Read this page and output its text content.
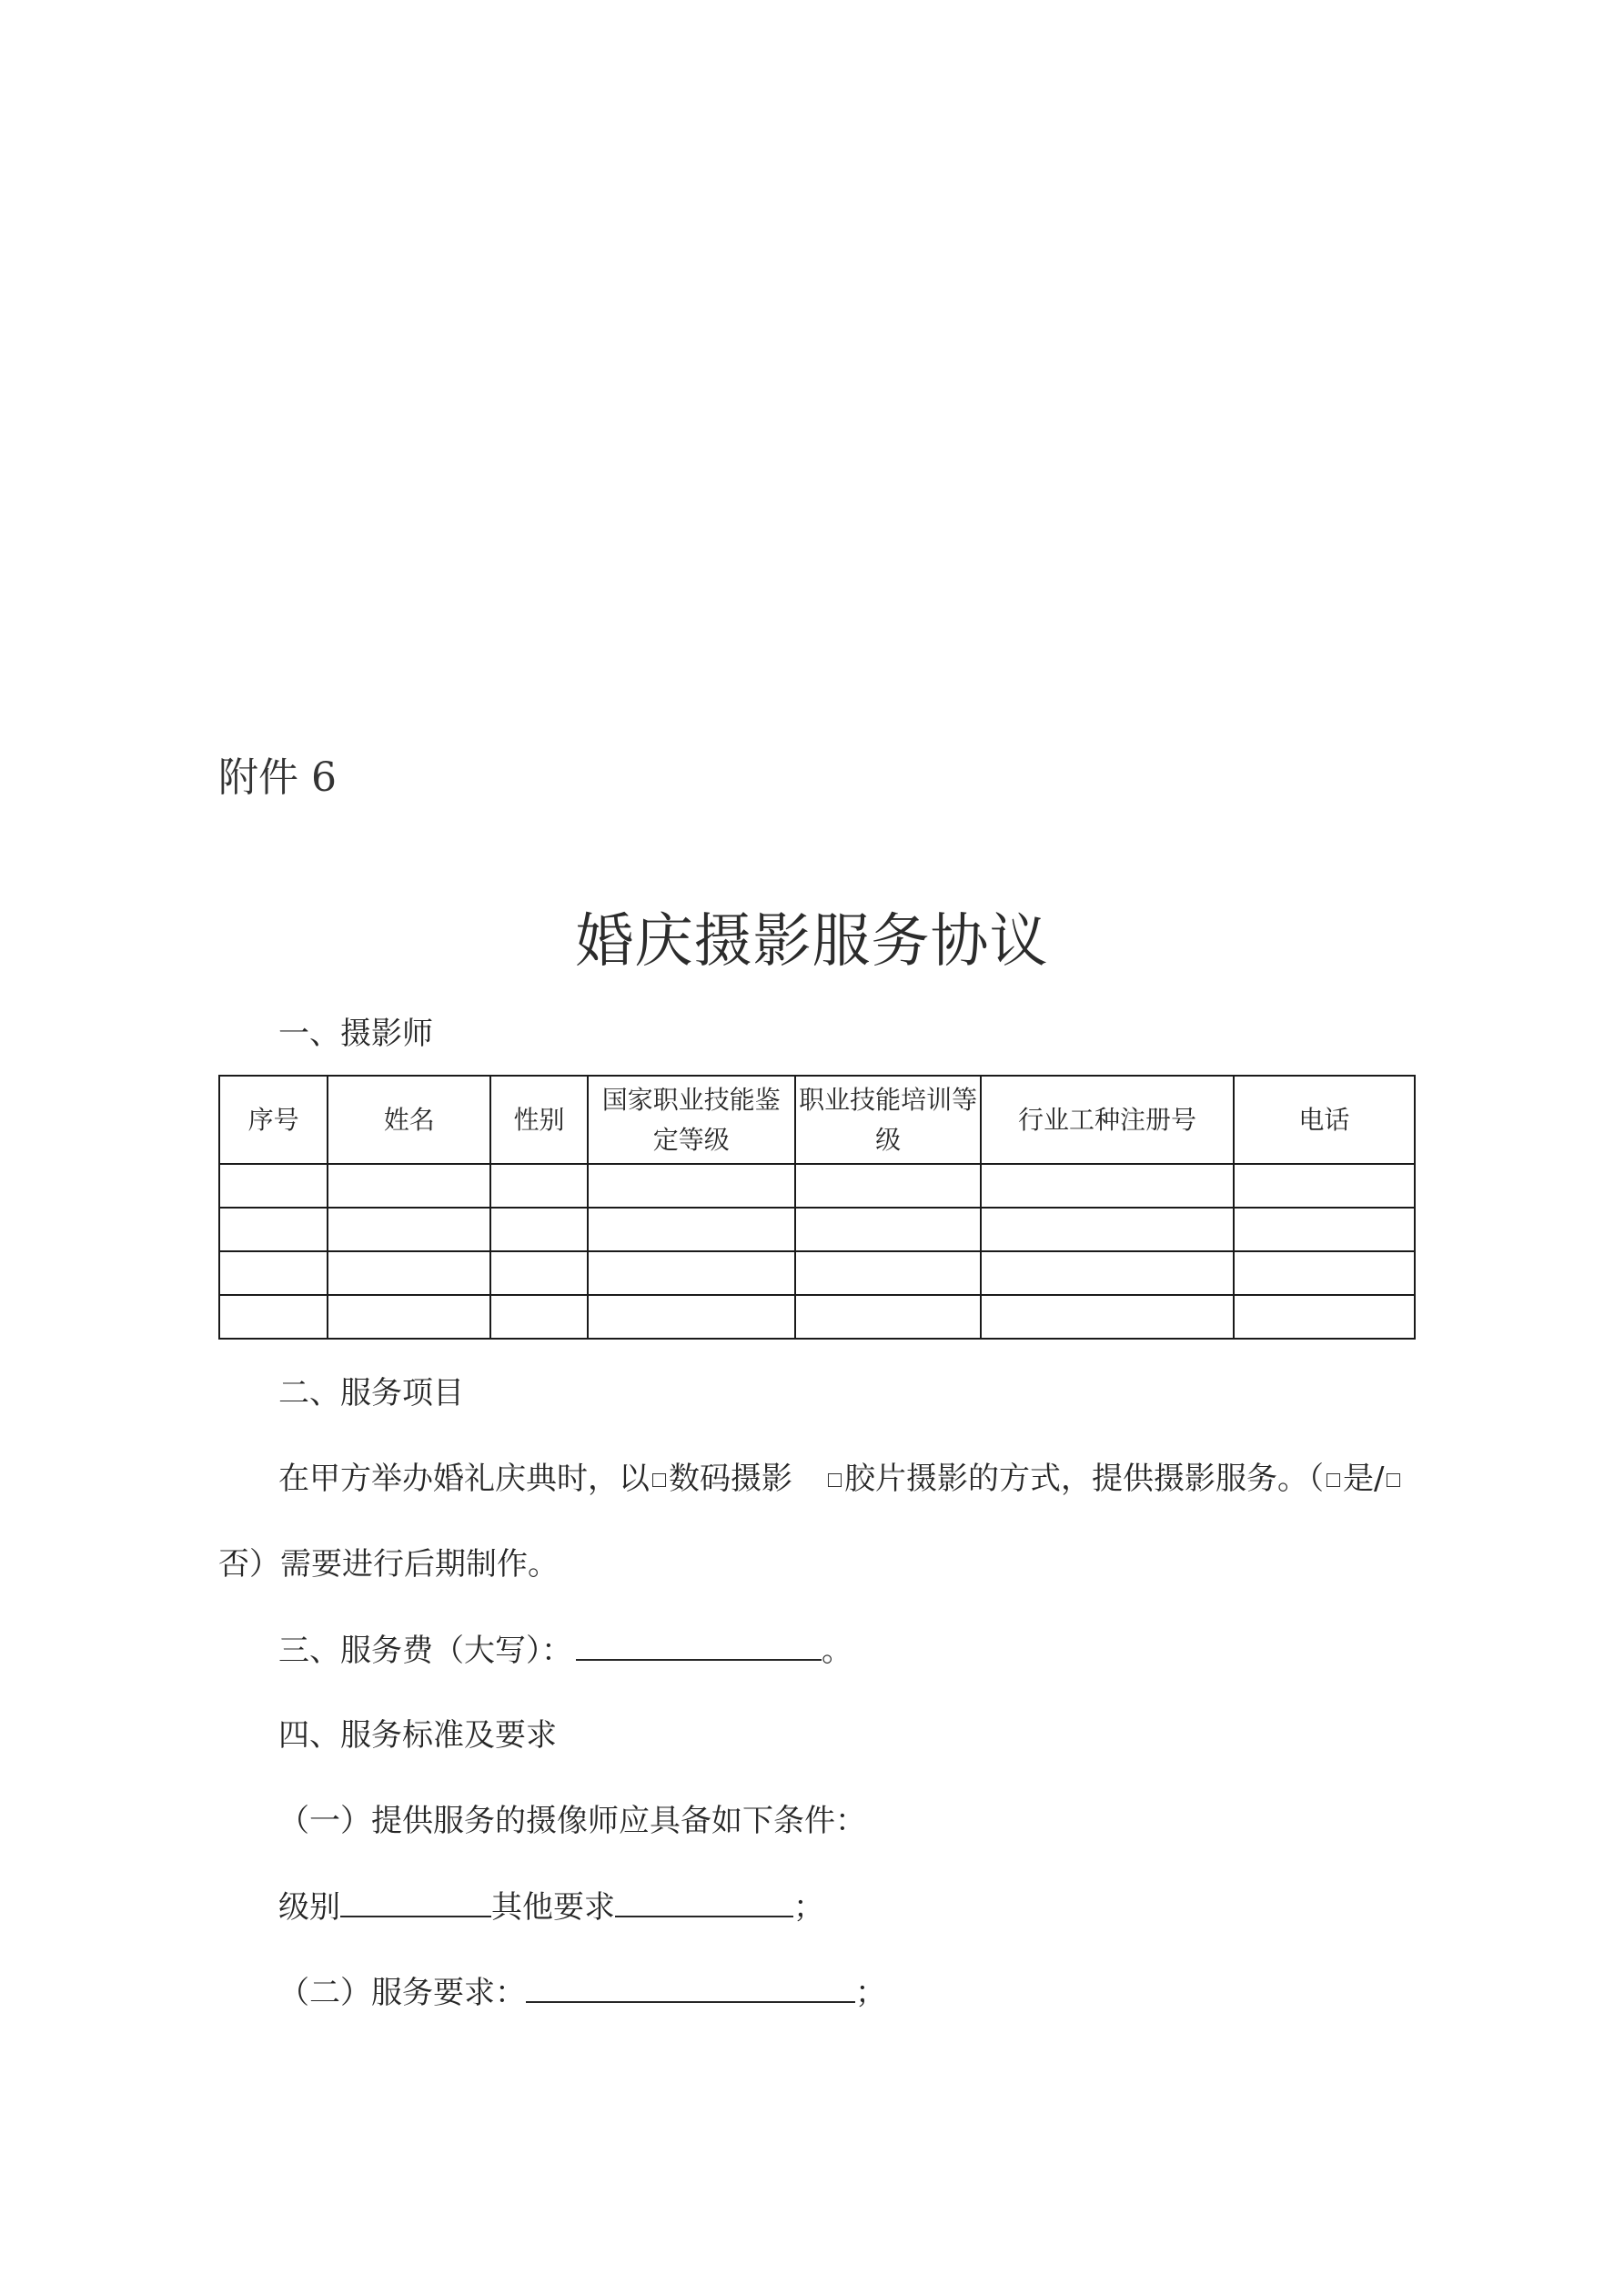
附件 6
婚庆摄影服务协议
一、摄影师
序号	姓名	性别	国家职业技能鉴定等级	职业技能培训等级	行业工种注册号	电话

二、服务项目
在甲方举办婚礼庆典时，以 数码摄影 胶片摄影的方式，提供摄影服务。（ 是/
否）需要进行后期制作。
三、服务费（大写）：	。
四、服务标准及要求
（一）提供服务的摄像师应具备如下条件：
级别	其他要求	；
（二）服务要求：	；
